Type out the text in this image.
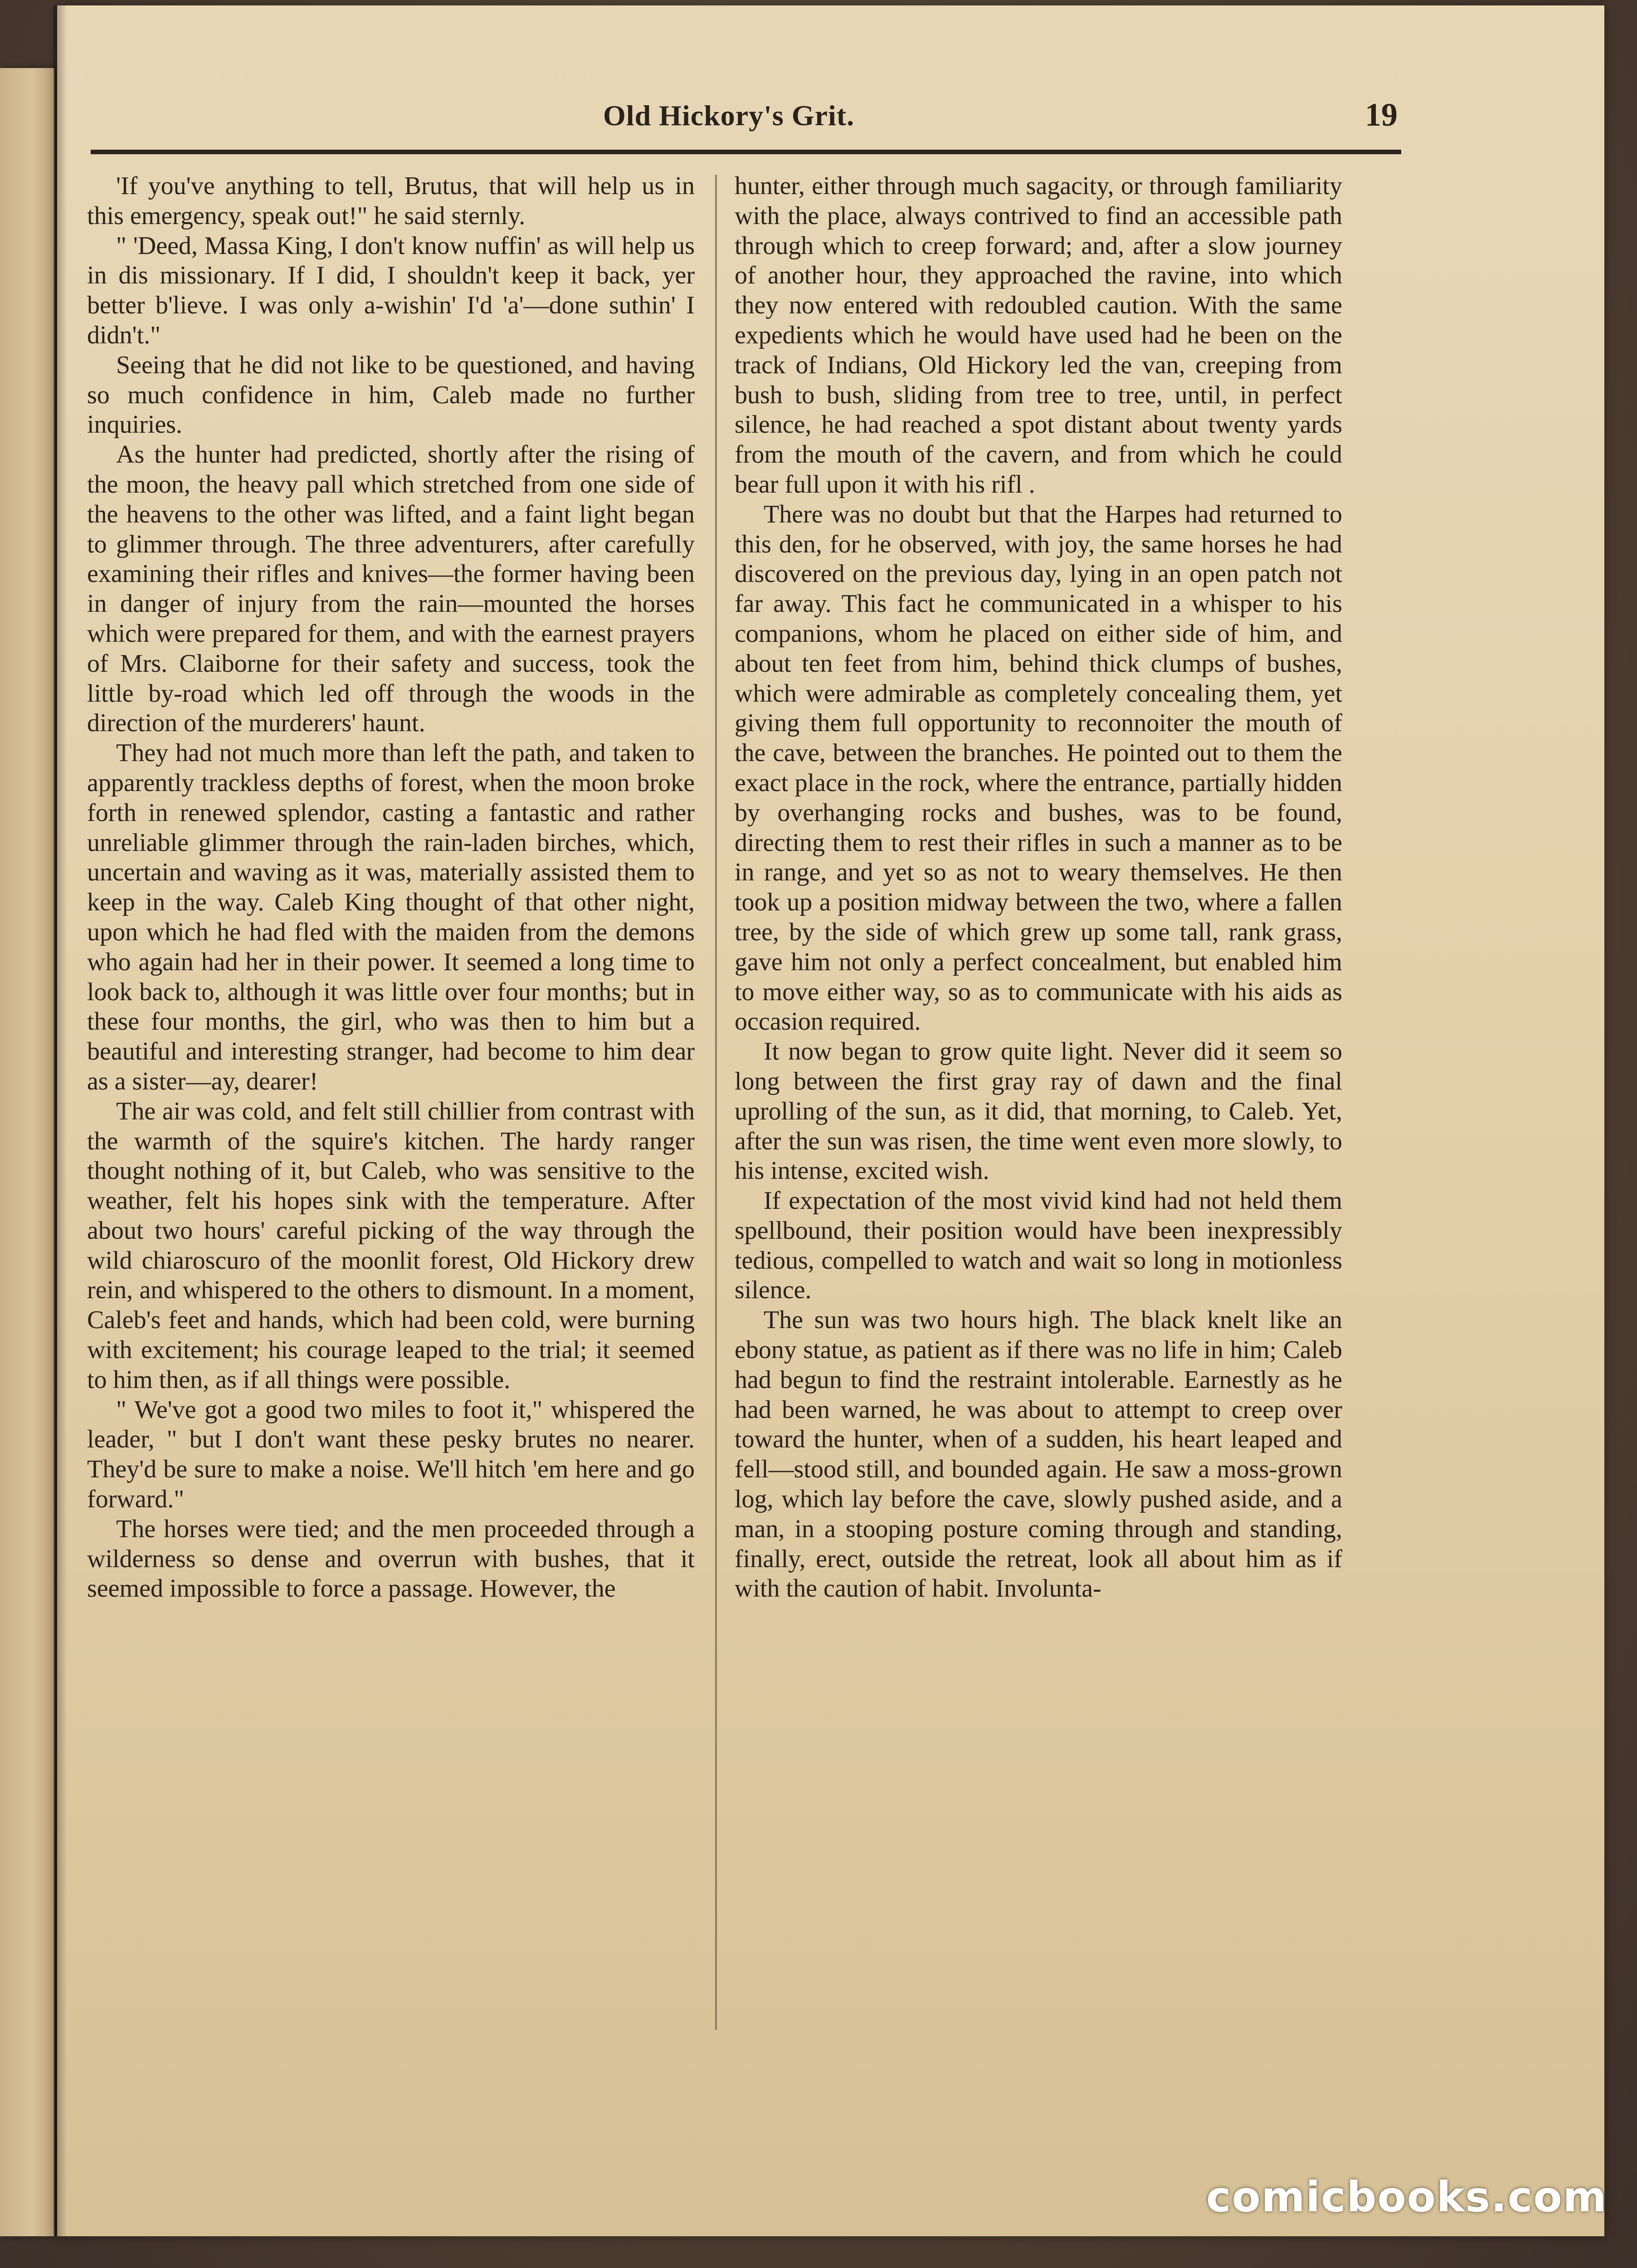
Old Hickory's Grit.	19

'If you've anything to tell, Brutus, that will help us in this emergency, speak out!" he said sternly.

" 'Deed, Massa King, I don't know nuffin' as will help us in dis missionary. If I did, I shouldn't keep it back, yer better b'lieve. I was only a-wishin' I'd 'a'—done suthin' I didn't."

Seeing that he did not like to be questioned, and having so much confidence in him, Caleb made no further inquiries.

As the hunter had predicted, shortly after the rising of the moon, the heavy pall which stretched from one side of the heavens to the other was lifted, and a faint light began to glimmer through. The three adventurers, after carefully examining their rifles and knives—the former having been in danger of injury from the rain—mounted the horses which were prepared for them, and with the earnest prayers of Mrs. Claiborne for their safety and success, took the little by-road which led off through the woods in the direction of the murderers' haunt.

They had not much more than left the path, and taken to apparently trackless depths of forest, when the moon broke forth in renewed splendor, casting a fantastic and rather unreliable glimmer through the rain-laden birches, which, uncertain and waving as it was, materially assisted them to keep in the way. Caleb King thought of that other night, upon which he had fled with the maiden from the demons who again had her in their power. It seemed a long time to look back to, although it was little over four months; but in these four months, the girl, who was then to him but a beautiful and interesting stranger, had become to him dear as a sister—ay, dearer!

The air was cold, and felt still chillier from contrast with the warmth of the squire's kitchen. The hardy ranger thought nothing of it, but Caleb, who was sensitive to the weather, felt his hopes sink with the temperature. After about two hours' careful picking of the way through the wild chiaroscuro of the moonlit forest, Old Hickory drew rein, and whispered to the others to dismount. In a moment, Caleb's feet and hands, which had been cold, were burning with excitement; his courage leaped to the trial; it seemed to him then, as if all things were possible.

" We've got a good two miles to foot it," whispered the leader, " but I don't want these pesky brutes no nearer. They'd be sure to make a noise. We'll hitch 'em here and go forward."

The horses were tied; and the men proceeded through a wilderness so dense and overrun with bushes, that it seemed impossible to force a passage. However, the

hunter, either through much sagacity, or through familiarity with the place, always contrived to find an accessible path through which to creep forward; and, after a slow journey of another hour, they approached the ravine, into which they now entered with redoubled caution. With the same expedients which he would have used had he been on the track of Indians, Old Hickory led the van, creeping from bush to bush, sliding from tree to tree, until, in perfect silence, he had reached a spot distant about twenty yards from the mouth of the cavern, and from which he could bear full upon it with his rifl .

There was no doubt but that the Harpes had returned to this den, for he observed, with joy, the same horses he had discovered on the previous day, lying in an open patch not far away. This fact he communicated in a whisper to his companions, whom he placed on either side of him, and about ten feet from him, behind thick clumps of bushes, which were admirable as completely concealing them, yet giving them full opportunity to reconnoiter the mouth of the cave, between the branches. He pointed out to them the exact place in the rock, where the entrance, partially hidden by overhanging rocks and bushes, was to be found, directing them to rest their rifles in such a manner as to be in range, and yet so as not to weary themselves. He then took up a position midway between the two, where a fallen tree, by the side of which grew up some tall, rank grass, gave him not only a perfect concealment, but enabled him to move either way, so as to communicate with his aids as occasion required.

It now began to grow quite light. Never did it seem so long between the first gray ray of dawn and the final uprolling of the sun, as it did, that morning, to Caleb. Yet, after the sun was risen, the time went even more slowly, to his intense, excited wish.

If expectation of the most vivid kind had not held them spellbound, their position would have been inexpressibly tedious, compelled to watch and wait so long in motionless silence.

The sun was two hours high. The black knelt like an ebony statue, as patient as if there was no life in him; Caleb had begun to find the restraint intolerable. Earnestly as he had been warned, he was about to attempt to creep over toward the hunter, when of a sudden, his heart leaped and fell—stood still, and bounded again. He saw a moss-grown log, which lay before the cave, slowly pushed aside, and a man, in a stooping posture coming through and standing, finally, erect, outside the retreat, look all about him as if with the caution of habit. Involunta-

comicbooks.com
